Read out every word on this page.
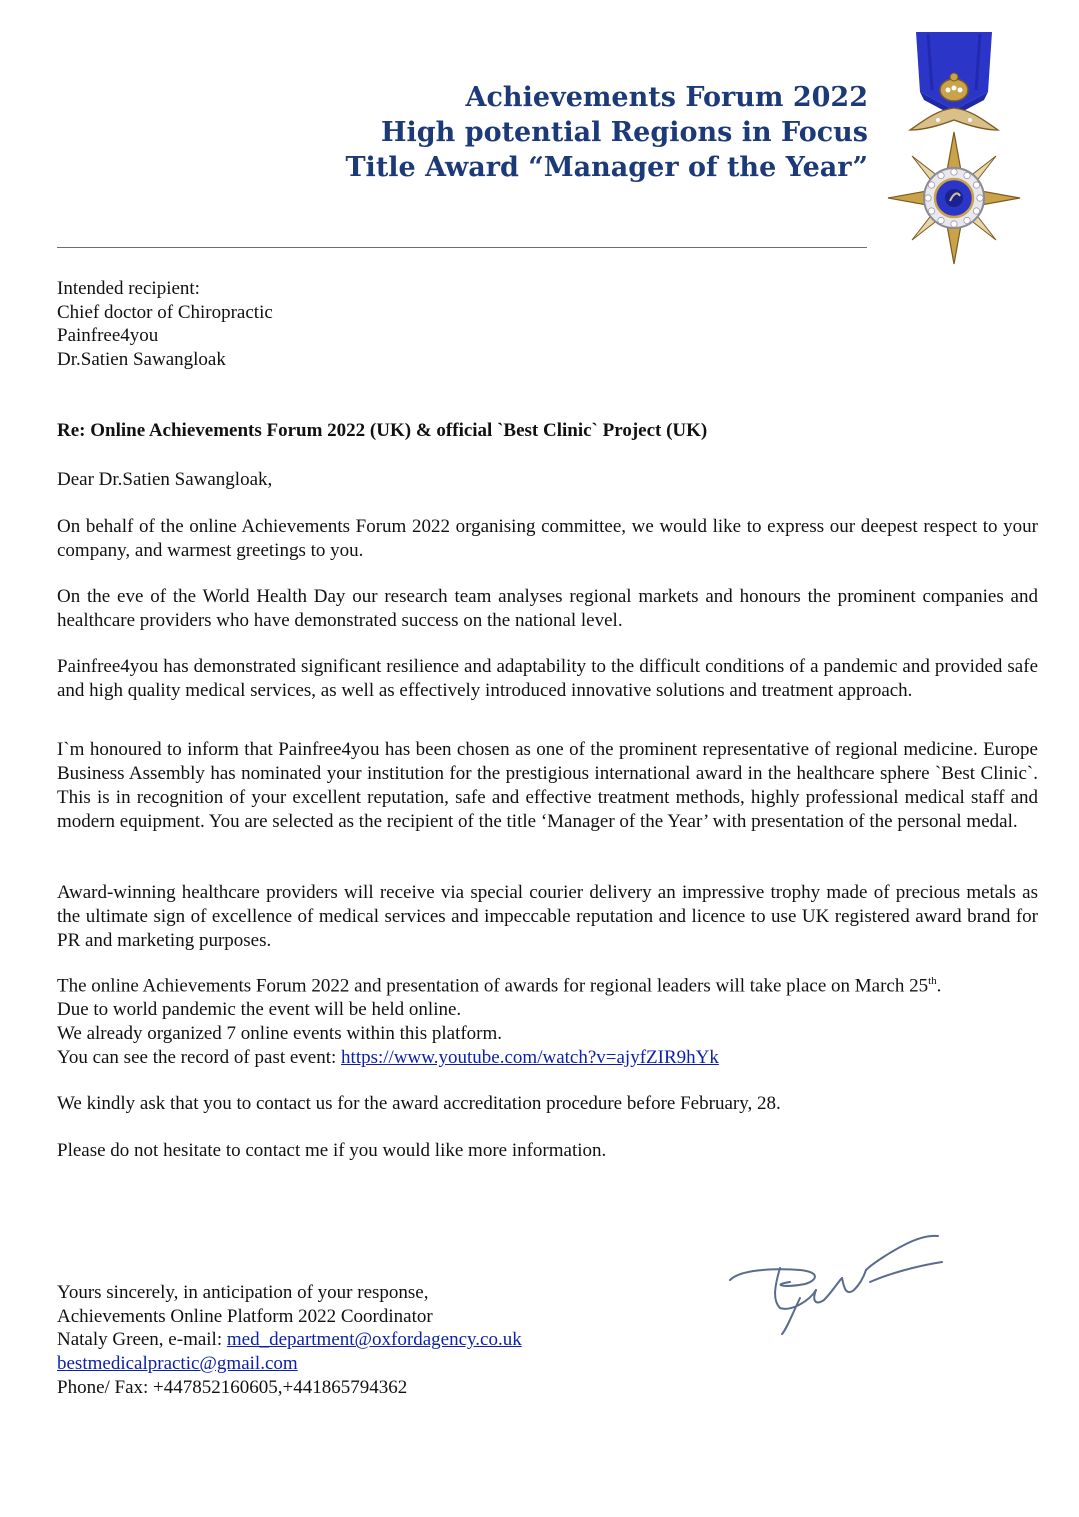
Achievements Forum 2022
High potential Regions in Focus
Title Award “Manager of the Year”
Intended recipient:
Chief doctor of Chiropractic
Painfree4you
Dr.Satien Sawangloak
Re: Online Achievements Forum 2022 (UK) & official `Best Clinic` Project (UK)
Dear Dr.Satien Sawangloak,
On behalf of the online Achievements Forum 2022 organising committee, we would like to express our deepest respect to your company, and warmest greetings to you.
On the eve of the World Health Day our research team analyses regional markets and honours the prominent companies and healthcare providers who have demonstrated success on the national level.
Painfree4you has demonstrated significant resilience and adaptability to the difficult conditions of a pandemic and provided safe and high quality medical services, as well as effectively introduced innovative solutions and treatment approach.
I`m honoured to inform that Painfree4you has been chosen as one of the prominent representative of regional medicine. Europe Business Assembly has nominated your institution for the prestigious international award in the healthcare sphere `Best Clinic`. This is in recognition of your excellent reputation, safe and effective treatment methods, highly professional medical staff and modern equipment. You are selected as the recipient of the title ‘Manager of the Year’ with presentation of the personal medal.
Award-winning healthcare providers will receive via special courier delivery an impressive trophy made of precious metals as the ultimate sign of excellence of medical services and impeccable reputation and licence to use UK registered award brand for PR and marketing purposes.
The online Achievements Forum 2022 and presentation of awards for regional leaders will take place on March 25th.
Due to world pandemic the event will be held online.
We already organized 7 online events within this platform.
You can see the record of past event: https://www.youtube.com/watch?v=ajyfZIR9hYk
We kindly ask that you to contact us for the award accreditation procedure before February, 28.
Please do not hesitate to contact me if you would like more information.
Yours sincerely, in anticipation of your response,
Achievements Online Platform 2022 Coordinator
Nataly Green, e-mail: med_department@oxfordagency.co.uk
bestmedicalpractic@gmail.com
Phone/ Fax: +447852160605,+441865794362
